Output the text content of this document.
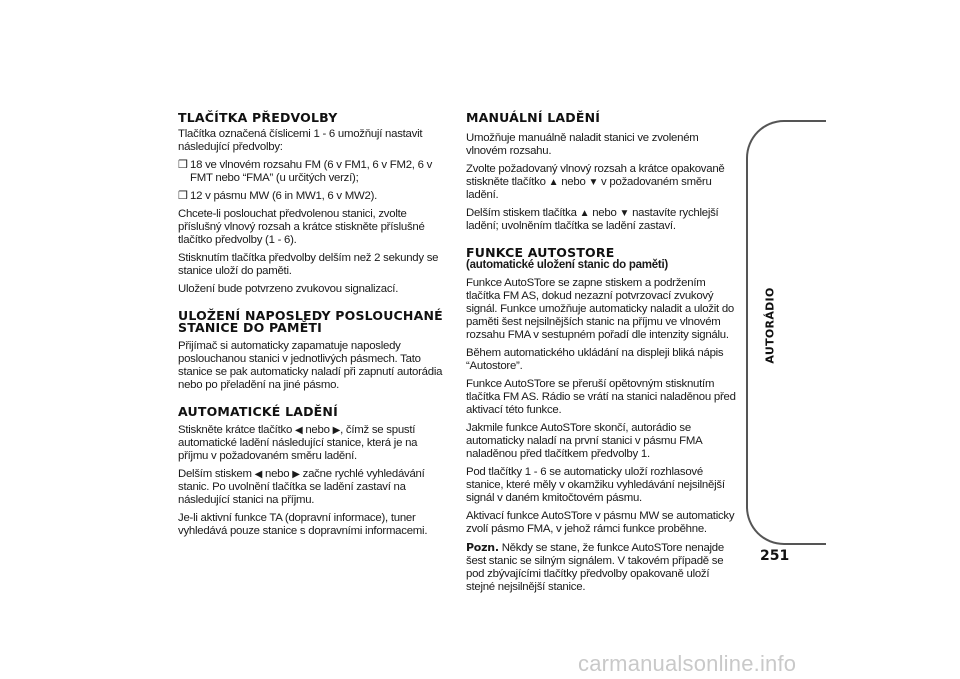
TLAČÍTKA PŘEDVOLBY

Tlačítka označená číslicemi 1 - 6 umožňují nastavit následující předvolby:

❒ 18 ve vlnovém rozsahu FM (6 v FM1, 6 v FM2, 6 v FMT nebo “FMA” (u určitých verzí);
❒ 12 v pásmu MW (6 in MW1, 6 v MW2).

Chcete-li poslouchat předvolenou stanici, zvolte příslušný vlnový rozsah a krátce stiskněte příslušné tlačítko předvolby (1 - 6).

Stisknutím tlačítka předvolby delším než 2 sekundy se stanice uloží do paměti.

Uložení bude potvrzeno zvukovou signalizací.

ULOŽENÍ NAPOSLEDY POSLOUCHANÉ STANICE DO PAMĚTI

Přijímač si automaticky zapamatuje naposledy poslouchanou stanici v jednotlivých pásmech. Tato stanice se pak automaticky naladí při zapnutí autorádia nebo po přeladění na jiné pásmo.

AUTOMATICKÉ LADĚNÍ

Stiskněte krátce tlačítko ◀ nebo ▶, čímž se spustí automatické ladění následující stanice, která je na příjmu v požadovaném směru ladění.

Delším stiskem ◀ nebo ▶ začne rychlé vyhledávání stanic. Po uvolnění tlačítka se ladění zastaví na následující stanici na příjmu.

Je-li aktivní funkce TA (dopravní informace), tuner vyhledává pouze stanice s dopravními informacemi.

MANUÁLNÍ LADĚNÍ

Umožňuje manuálně naladit stanici ve zvoleném vlnovém rozsahu.

Zvolte požadovaný vlnový rozsah a krátce opakovaně stiskněte tlačítko ▲ nebo ▼ v požadovaném směru ladění.

Delším stiskem tlačítka ▲ nebo ▼ nastavíte rychlejší ladění; uvolněním tlačítka se ladění zastaví.

FUNKCE AUTOSTORE
(automatické uložení stanic do paměti)

Funkce AutoSTore se zapne stiskem a podržením tlačítka FM AS, dokud nezazní potvrzovací zvukový signál. Funkce umožňuje automaticky naladit a uložit do paměti šest nejsilnějších stanic na příjmu ve vlnovém rozsahu FMA v sestupném pořadí dle intenzity signálu.

Během automatického ukládání na displeji bliká nápis “Autostore”.

Funkce AutoSTore se přeruší opětovným stisknutím tlačítka FM AS. Rádio se vrátí na stanici naladěnou před aktivací této funkce.

Jakmile funkce AutoSTore skončí, autorádio se automaticky naladí na první stanici v pásmu FMA naladěnou před tlačítkem předvolby 1.

Pod tlačítky 1 - 6 se automaticky uloží rozhlasové stanice, které měly v okamžiku vyhledávání nejsilnější signál v daném kmitočtovém pásmu.

Aktivací funkce AutoSTore v pásmu MW se automaticky zvolí pásmo FMA, v jehož rámci funkce proběhne.

Pozn. Někdy se stane, že funkce AutoSTore nenajde šest stanic se silným signálem. V takovém případě se pod zbývajícími tlačítky předvolby opakovaně uloží stejné nejsilnější stanice.

AUTORÁDIO
251
carmanualsonline.info
